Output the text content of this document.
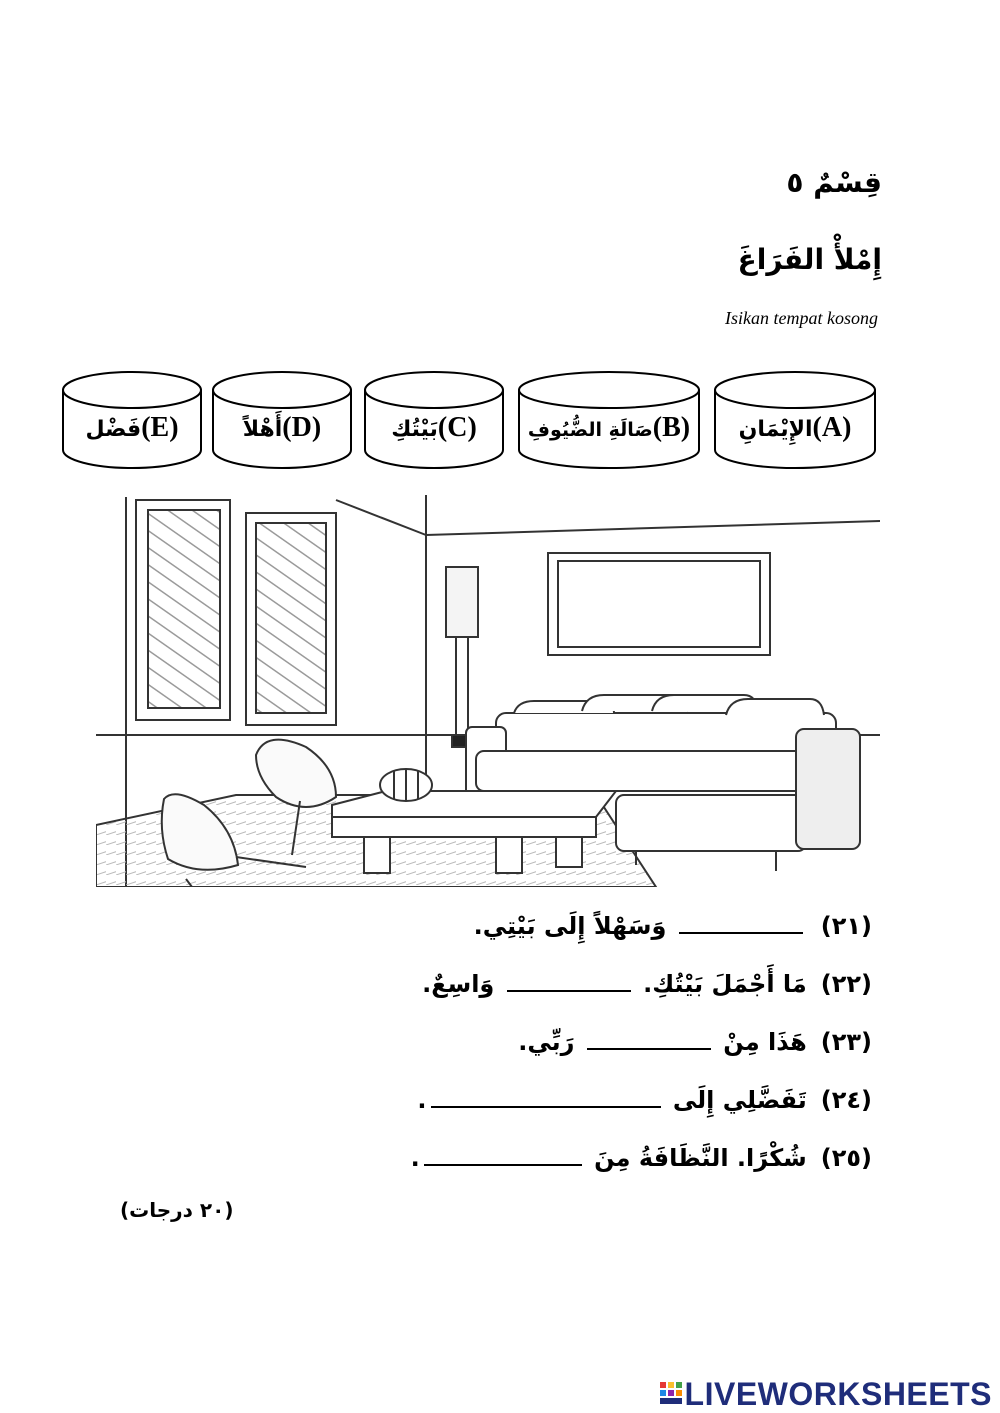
قِسْمٌ ٥
إِمْلأْ الفَرَاغَ
Isikan tempat kosong
(A)الإِيْمَانِ
(B)صَالَةِ الضُّيُوفِ
(C)بَيْتُكِ
(D)أَهْلاً
(E)فَضْل
(٢١) وَسَهْلاً إِلَى بَيْتِي.
(٢٢)مَا أَجْمَلَ بَيْتُكِ.  وَاسِعٌ.
(٢٣)هَذَا مِنْ  رَبِّي.
(٢٤)تَفَضَّلِي إِلَى .
(٢٥)شُكْرًا. النَّظَافَةُ مِنَ .
(٢٠ درجات)
LIVEWORKSHEETS
